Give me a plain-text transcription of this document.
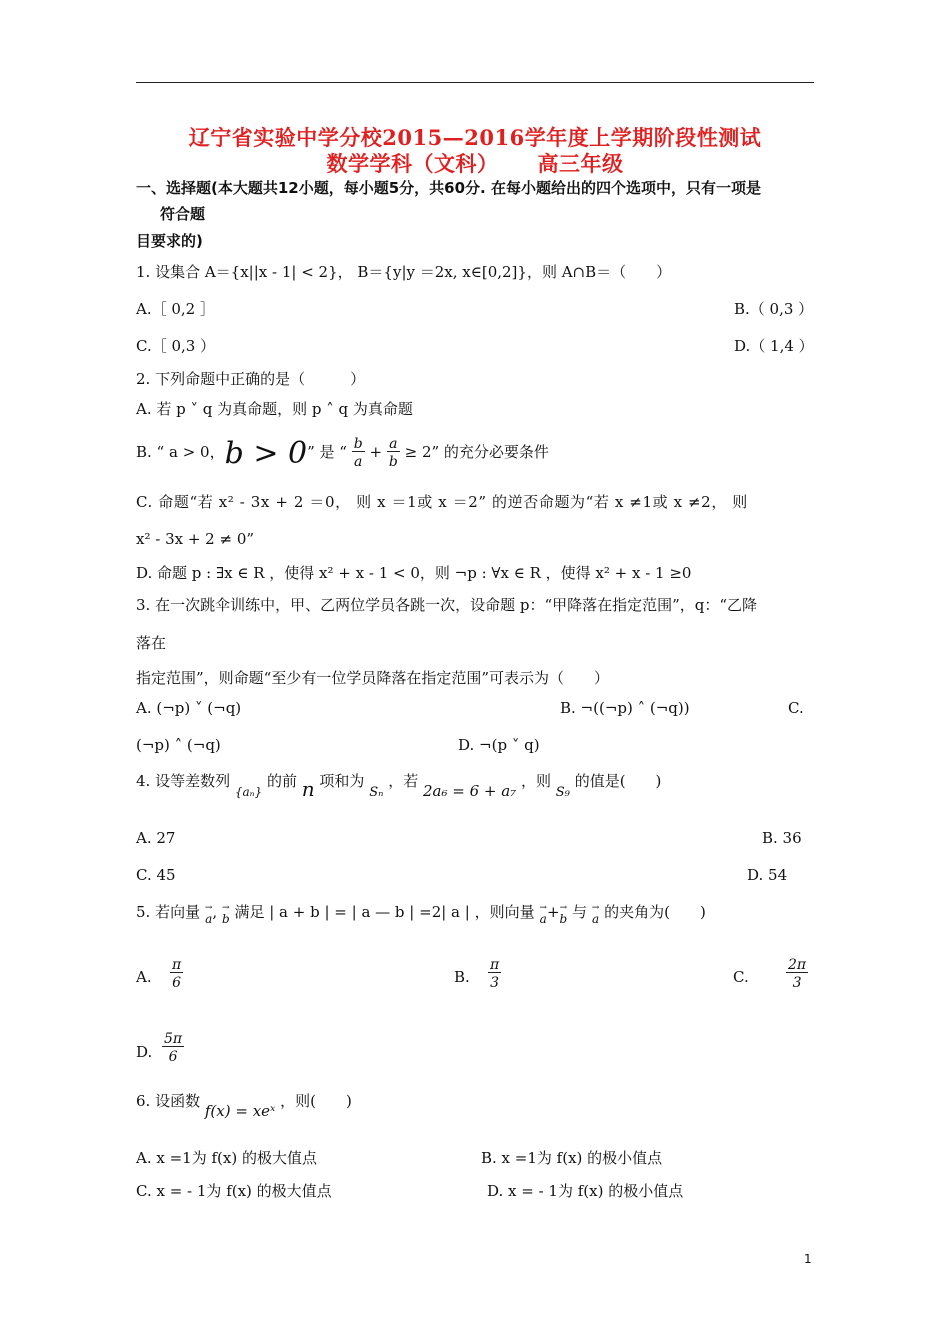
辽宁省实验中学分校2015—2016学年度上学期阶段性测试
数学学科（文科）     高三年级
一、选择题(本大题共12小题，每小题5分，共60分. 在每小题给出的四个选项中，只有一项是
符合题
目要求的)
1. 设集合 A＝{x||x - 1| < 2}， B＝{y|y ＝2x, x∈[0,2]}，则 A∩B＝（　　）
A.［ 0,2 ］	B.（ 0,3 ）
C.［ 0,3 ）	D.（ 1,4 ）
2. 下列命题中正确的是（　　　）
A. 若 p ˅ q 为真命题，则 p ˄ q 为真命题
B. “ a > 0，b > 0” 是 “ $\frac{b}{a} + \frac{a}{b} \ge 2$” 的充分必要条件
C. 命题“若 x² - 3x + 2 ＝0， 则 x ＝1或 x ＝2” 的逆否命题为“若 x ≠1或 x ≠2， 则
x² - 3x + 2 ≠ 0”
D. 命题 p : ∃x ∈ R ，使得 x² + x - 1 < 0，则 ¬p : ∀x ∈ R ，使得 x² + x - 1 ≥0
3. 在一次跳伞训练中，甲、乙两位学员各跳一次，设命题 p：“甲降落在指定范围”，q：“乙降
落在
指定范围”，则命题“至少有一位学员降落在指定范围”可表示为（　　）
A. (¬p) ˅ (¬q)	B. ¬((¬p) ˄ (¬q))	C.
(¬p) ˄ (¬q)	D. ¬(p ˅ q)
4. 设等差数列 $_{\{a_n\}}$ 的前 n 项和为 Sₙ ，若 2a₆ = 6 + a₇ ，则 S₉ 的值是(　　)
A. 27	B. 36
C. 45	D. 54
5. 若向量 →
a, →
b 满足 | a + b | = | a — b | =2| a | ，则向量 →
a+ →
b 与 →
a 的夹角为(　　)
A. $\frac{\pi}{6}$	B. $\frac{\pi}{3}$	C.	$\frac{2\pi}{3}$
D. $\frac{5\pi}{6}$
6. 设函数 f(x) = xeˣ ，则(　　)
A. x =1为 f(x) 的极大值点	B. x =1为 f(x) 的极小值点
C. x = - 1为 f(x) 的极大值点	D. x = - 1为 f(x) 的极小值点
1
